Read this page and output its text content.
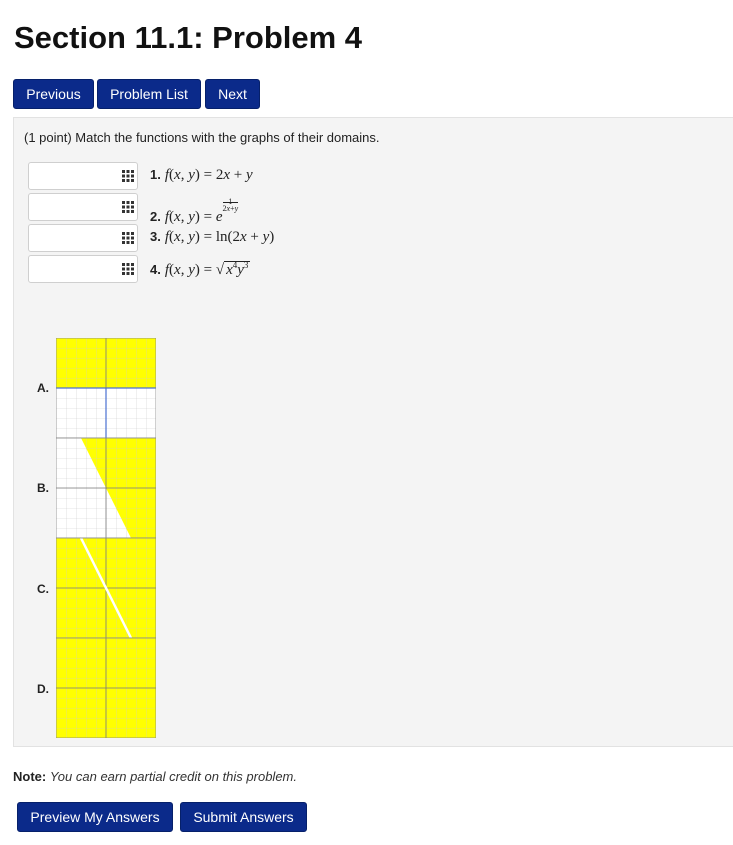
Section 11.1: Problem 4
Previous	Problem List	Next

(1 point) Match the functions with the graphs of their domains.

1. f(x, y) = 2x + y
2. f(x, y) = e1
2x+y
3. f(x, y) = ln(2x + y)
4. f(x, y) = √ $x^4y^3$
A.
B.
C.
D.

Note: You can earn partial credit on this problem.

Preview My Answers	Submit Answers
